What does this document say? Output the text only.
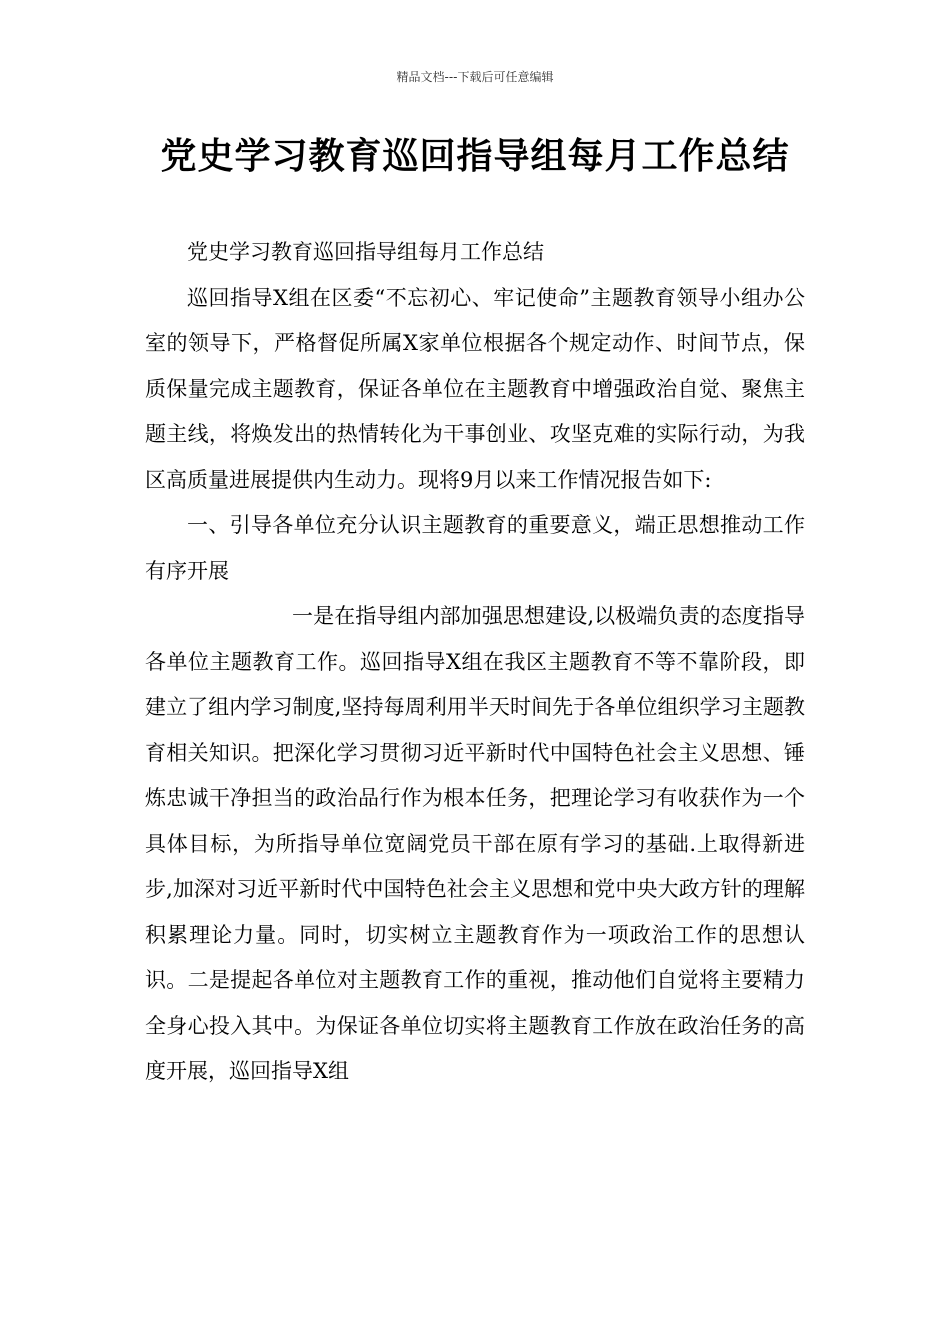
精品文档---下载后可任意编辑
党史学习教育巡回指导组每月工作总结

党史学习教育巡回指导组每月工作总结

巡回指导X组在区委“不忘初心、牢记使命”主题教育领导小组办公室的领导下，严格督促所属X家单位根据各个规定动作、时间节点，保质保量完成主题教育，保证各单位在主题教育中增强政治自觉、聚焦主题主线，将焕发出的热情转化为干事创业、攻坚克难的实际行动，为我区高质量进展提供内生动力。现将9月以来工作情况报告如下:

一、引导各单位充分认识主题教育的重要意义，端正思想推动工作有序开展

一是在指导组内部加强思想建设,以极端负责的态度指导各单位主题教育工作。巡回指导X组在我区主题教育不等不靠阶段，即建立了组内学习制度,坚持每周利用半天时间先于各单位组织学习主题教育相关知识。把深化学习贯彻习近平新时代中国特色社会主义思想、锤炼忠诚干净担当的政治品行作为根本任务，把理论学习有收获作为一个具体目标，为所指导单位宽阔党员干部在原有学习的基础.上取得新进步,加深对习近平新时代中国特色社会主义思想和党中央大政方针的理解积累理论力量。同时，切实树立主题教育作为一项政治工作的思想认识。二是提起各单位对主题教育工作的重视，推动他们自觉将主要精力全身心投入其中。为保证各单位切实将主题教育工作放在政治任务的高度开展，巡回指导X组
